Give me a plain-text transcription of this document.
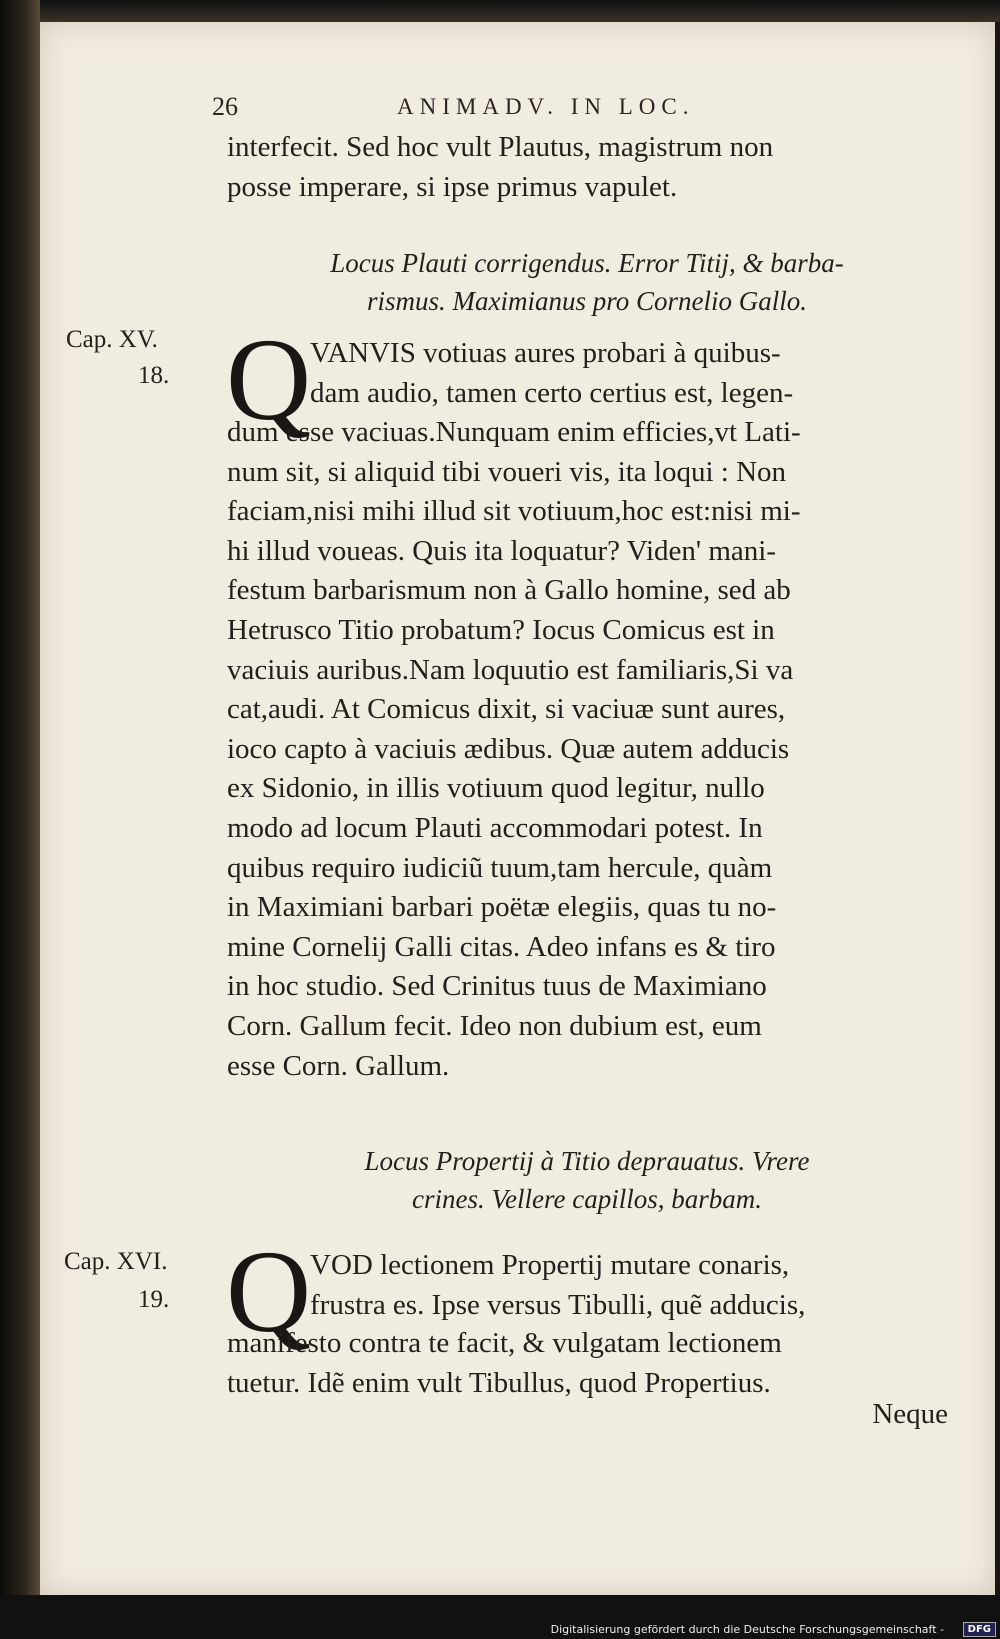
26	ANIMADV. IN LOC.
interfecit. Sed hoc vult Plautus, magistrum non
posse imperare, si ipse primus vapulet.
Locus Plauti corrigendus. Error Titij, & barba-
rismus. Maximianus pro Cornelio Gallo.
Cap. XV.
18. Q
VANVIS votiuas aures probari à quibus-
dam audio, tamen certo certius est, legen-
dum esse vaciuas.Nunquam enim efficies,vt Lati-
num sit, si aliquid tibi voueri vis, ita loqui : Non
faciam,nisi mihi illud sit votiuum,hoc est:nisi mi-
hi illud voueas. Quis ita loquatur? Viden' mani-
festum barbarismum non à Gallo homine, sed ab
Hetrusco Titio probatum? Iocus Comicus est in
vaciuis auribus.Nam loquutio est familiaris,Si va
cat,audi. At Comicus dixit, si vaciuæ sunt aures,
ioco capto à vaciuis ædibus. Quæ autem adducis
ex Sidonio, in illis votiuum quod legitur, nullo
modo ad locum Plauti accommodari potest. In
quibus requiro iudiciũ tuum,tam hercule, quàm
in Maximiani barbari poëtæ elegiis, quas tu no-
mine Cornelij Galli citas. Adeo infans es & tiro
in hoc studio. Sed Crinitus tuus de Maximiano
Corn. Gallum fecit. Ideo non dubium est, eum
esse Corn. Gallum.
Locus Propertij à Titio deprauatus. Vrere
crines. Vellere capillos, barbam.
Cap. XVI.
19. Q
VOD lectionem Propertij mutare conaris,
frustra es. Ipse versus Tibulli, quẽ adducis,
manifesto contra te facit, & vulgatam lectionem
tuetur. Idẽ enim vult Tibullus, quod Propertius.
Neque
Digitalisierung gefördert durch die Deutsche Forschungsgemeinschaft -	DFG
